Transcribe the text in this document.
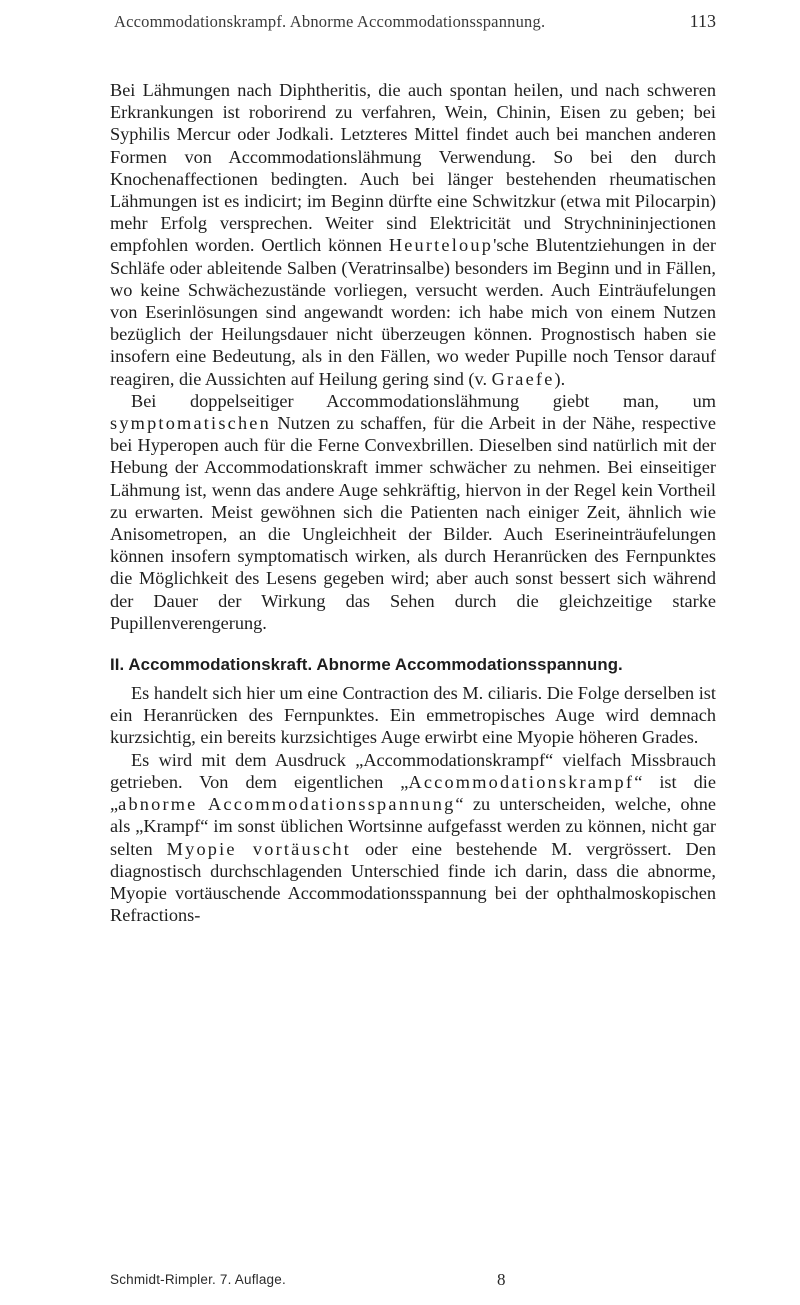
Accommodationskrampf. Abnorme Accommodationsspannung.	113

Bei Lähmungen nach Diphtheritis, die auch spontan heilen, und nach schweren Erkrankungen ist roborirend zu verfahren, Wein, Chinin, Eisen zu geben; bei Syphilis Mercur oder Jodkali. Letzteres Mittel findet auch bei manchen anderen Formen von Accommodationslähmung Verwendung. So bei den durch Knochenaffectionen bedingten. Auch bei länger bestehenden rheumatischen Lähmungen ist es indicirt; im Beginn dürfte eine Schwitzkur (etwa mit Pilocarpin) mehr Erfolg versprechen. Weiter sind Elektricität und Strychnininjectionen empfohlen worden. Oertlich können Heurteloup'sche Blutentziehungen in der Schläfe oder ableitende Salben (Veratrinsalbe) besonders im Beginn und in Fällen, wo keine Schwächezustände vorliegen, versucht werden. Auch Einträufelungen von Eserinlösungen sind angewandt worden: ich habe mich von einem Nutzen bezüglich der Heilungsdauer nicht überzeugen können. Prognostisch haben sie insofern eine Bedeutung, als in den Fällen, wo weder Pupille noch Tensor darauf reagiren, die Aussichten auf Heilung gering sind (v. Graefe).

Bei doppelseitiger Accommodationslähmung giebt man, um symptomatischen Nutzen zu schaffen, für die Arbeit in der Nähe, respective bei Hyperopen auch für die Ferne Convexbrillen. Dieselben sind natürlich mit der Hebung der Accommodationskraft immer schwächer zu nehmen. Bei einseitiger Lähmung ist, wenn das andere Auge sehkräftig, hiervon in der Regel kein Vortheil zu erwarten. Meist gewöhnen sich die Patienten nach einiger Zeit, ähnlich wie Anisometropen, an die Ungleichheit der Bilder. Auch Eserineinträufelungen können insofern symptomatisch wirken, als durch Heranrücken des Fernpunktes die Möglichkeit des Lesens gegeben wird; aber auch sonst bessert sich während der Dauer der Wirkung das Sehen durch die gleichzeitige starke Pupillenverengerung.

II. Accommodationskraft. Abnorme Accommodationsspannung.

Es handelt sich hier um eine Contraction des M. ciliaris. Die Folge derselben ist ein Heranrücken des Fernpunktes. Ein emmetropisches Auge wird demnach kurzsichtig, ein bereits kurzsichtiges Auge erwirbt eine Myopie höheren Grades.

Es wird mit dem Ausdruck „Accommodationskrampf“ vielfach Missbrauch getrieben. Von dem eigentlichen „Accommodationskrampf“ ist die „abnorme Accommodationsspannung“ zu unterscheiden, welche, ohne als „Krampf“ im sonst üblichen Wortsinne aufgefasst werden zu können, nicht gar selten Myopie vortäuscht oder eine bestehende M. vergrössert. Den diagnostisch durchschlagenden Unterschied finde ich darin, dass die abnorme, Myopie vortäuschende Accommodationsspannung bei der ophthalmoskopischen Refractions-

Schmidt-Rimpler. 7. Auflage.	8
